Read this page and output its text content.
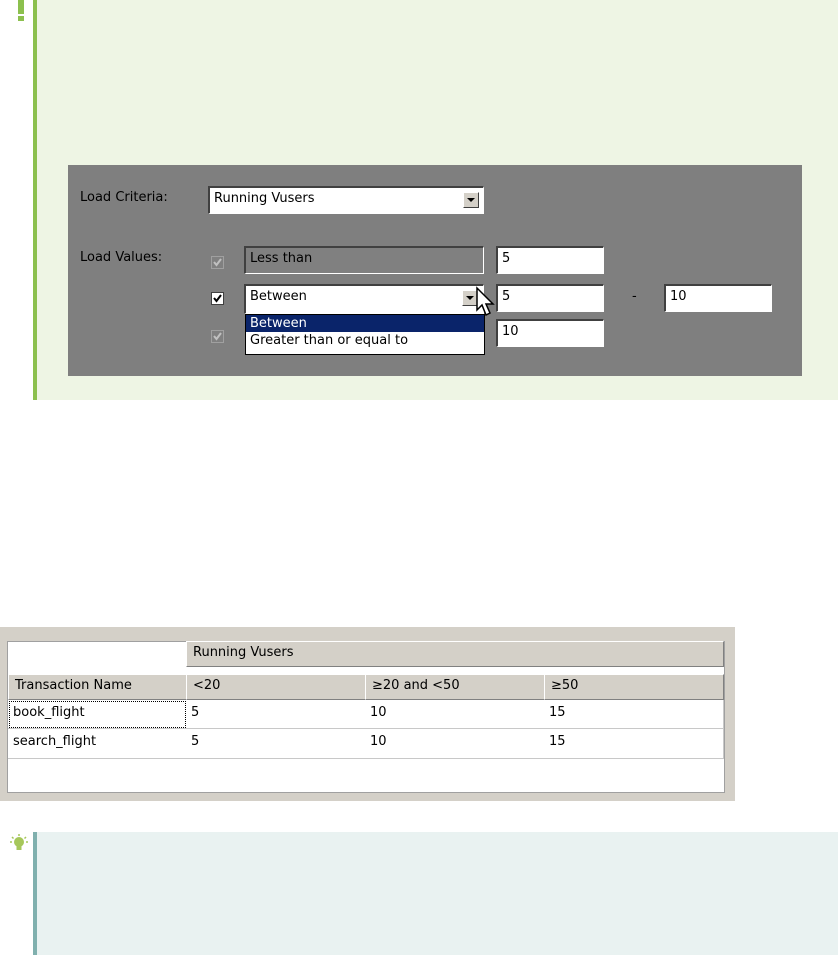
Load Criteria:	Running Vusers
Load Values:	Less than	5
Between	5	-	10
10
Between
Greater than or equal to
Running Vusers
Transaction Name	<20	≥20 and <50	≥50
book_flight	5	10	15
search_flight	5	10	15
